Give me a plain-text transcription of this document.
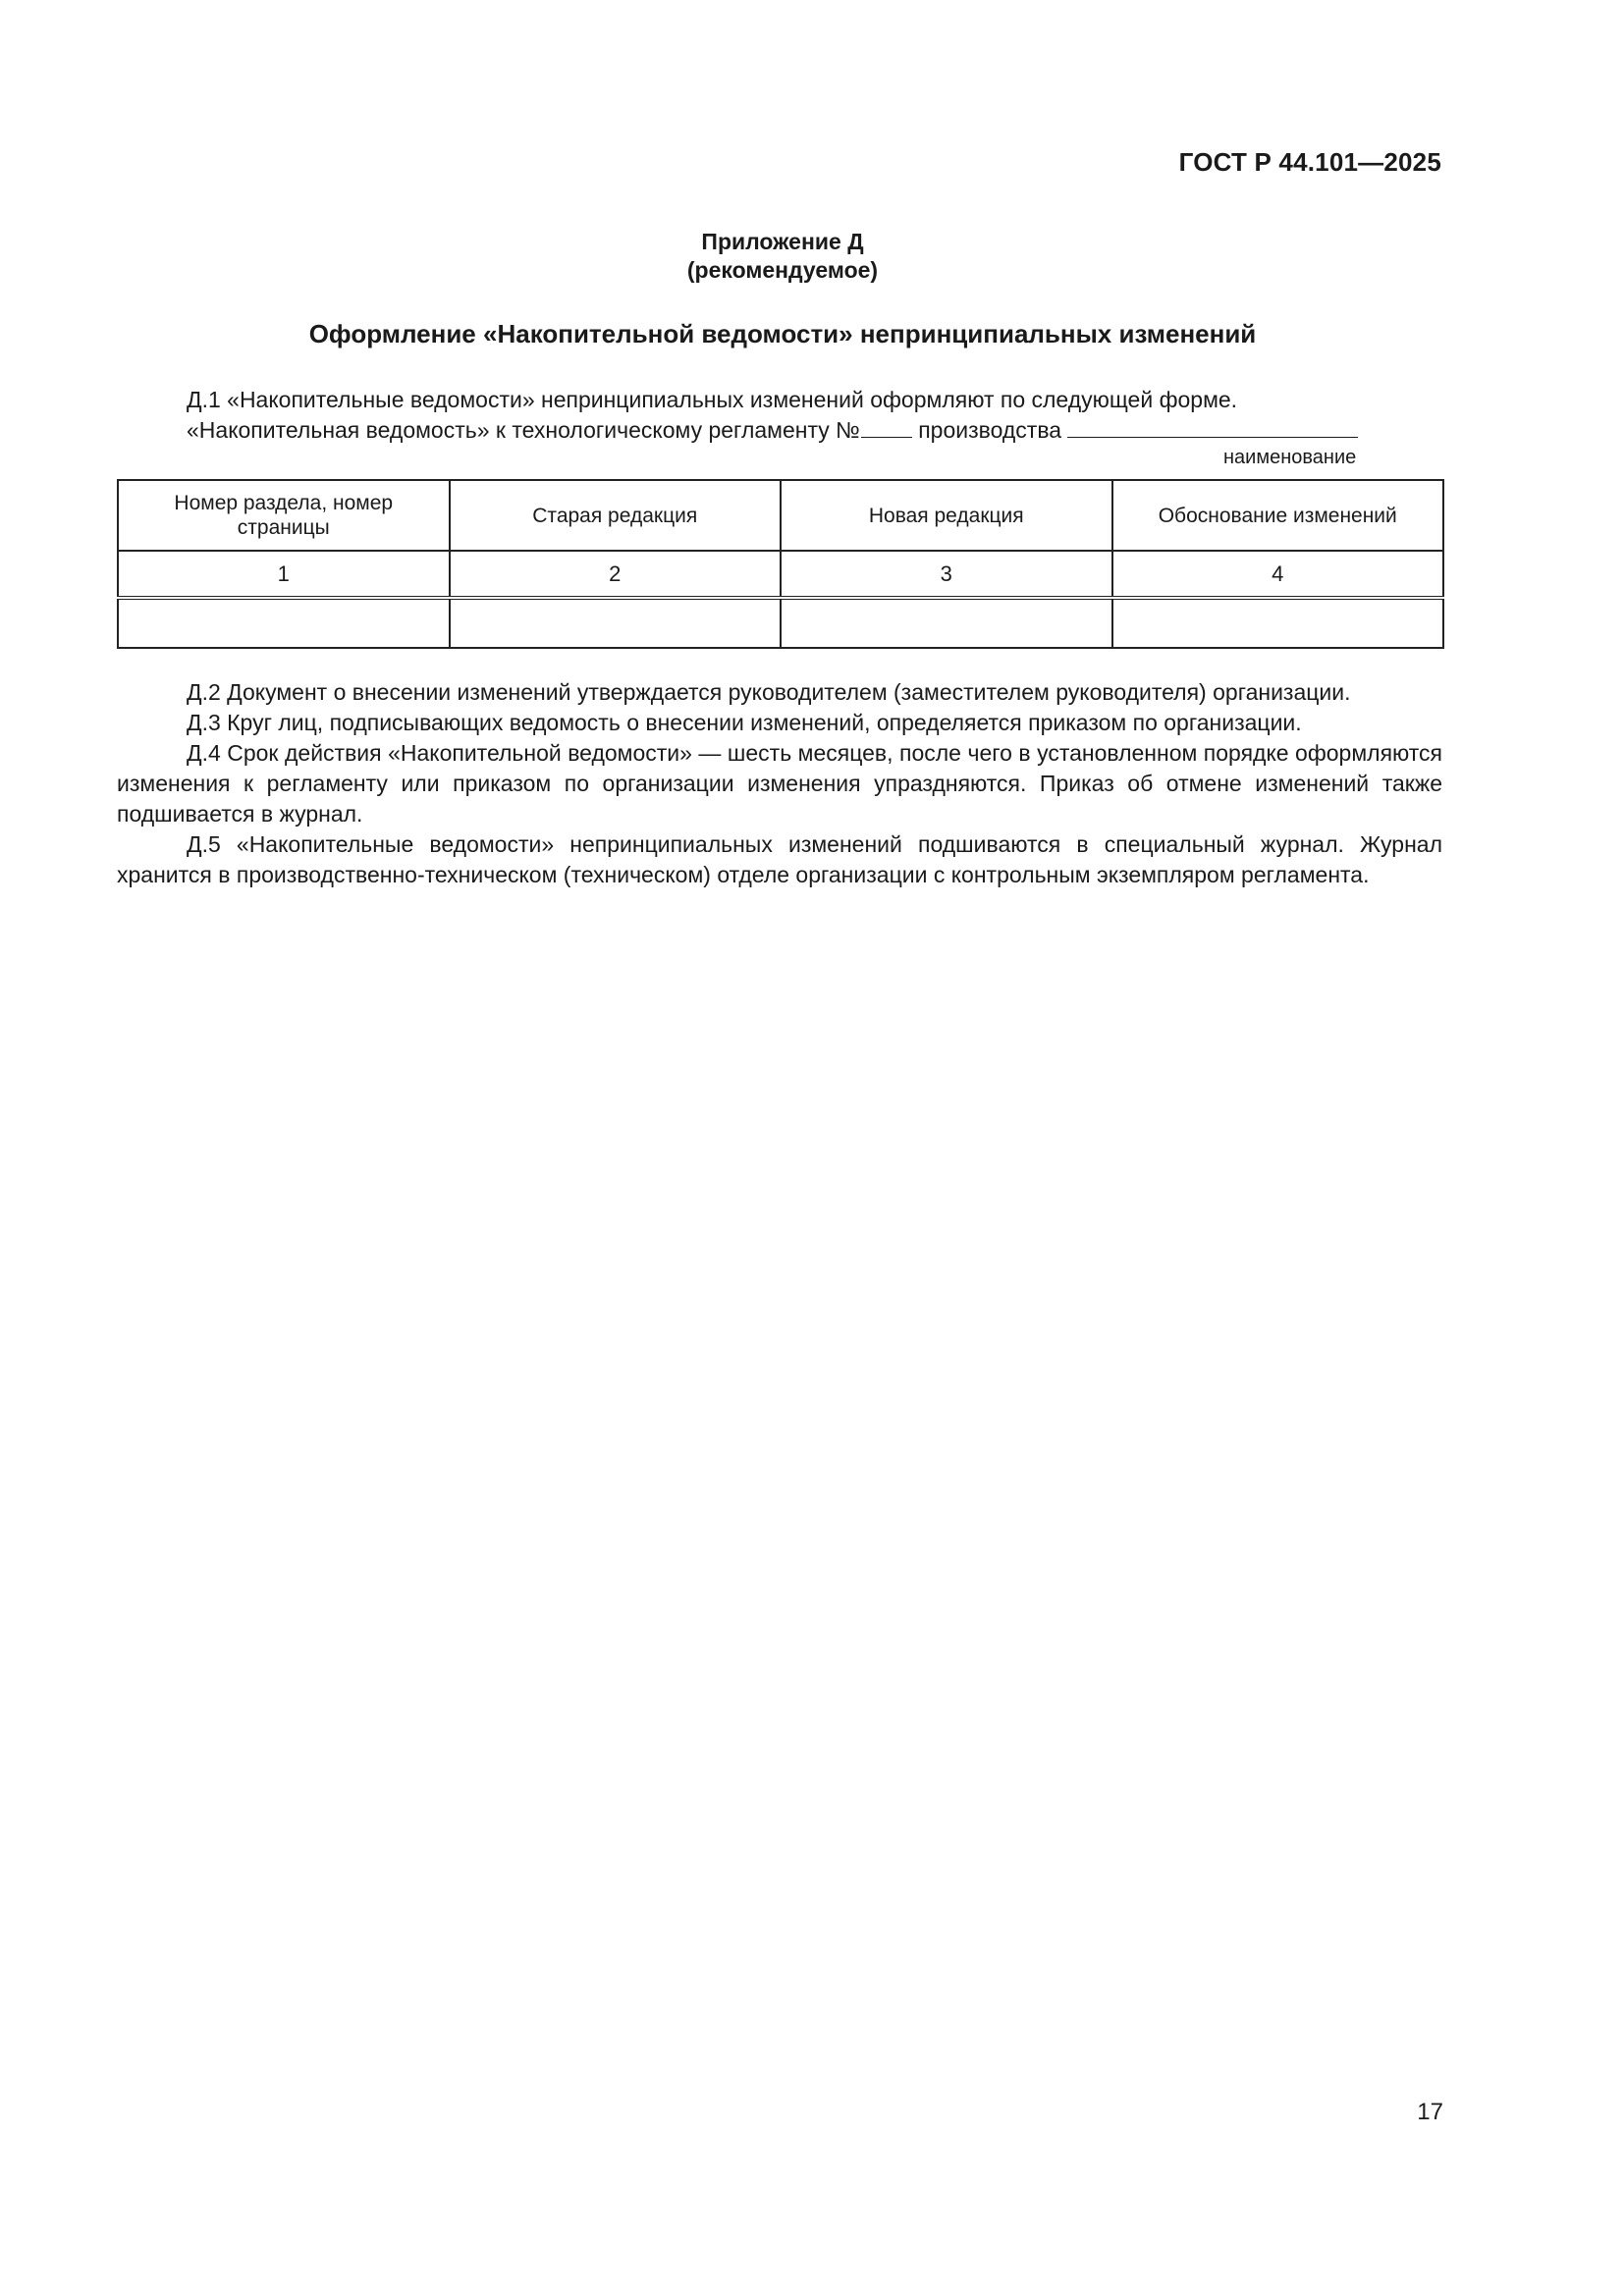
ГОСТ Р 44.101—2025
Приложение Д
(рекомендуемое)
Оформление «Накопительной ведомости» непринципиальных изменений

Д.1 «Накопительные ведомости» непринципиальных изменений оформляют по следующей форме.

«Накопительная ведомость» к технологическому регламенту № производства

наименование
Номер раздела, номер страницы	Старая редакция	Новая редакция	Обоснование изменений
1	2	3	4

Д.2 Документ о внесении изменений утверждается руководителем (заместителем руководителя) организации.

Д.3 Круг лиц, подписывающих ведомость о внесении изменений, определяется приказом по организации.

Д.4 Срок действия «Накопительной ведомости» — шесть месяцев, после чего в установленном порядке оформляются изменения к регламенту или приказом по организации изменения упраздняются. Приказ об отмене изменений также подшивается в журнал.

Д.5 «Накопительные ведомости» непринципиальных изменений подшиваются в специальный журнал. Журнал хранится в производственно-техническом (техническом) отделе организации с контрольным экземпляром регламента.

17
